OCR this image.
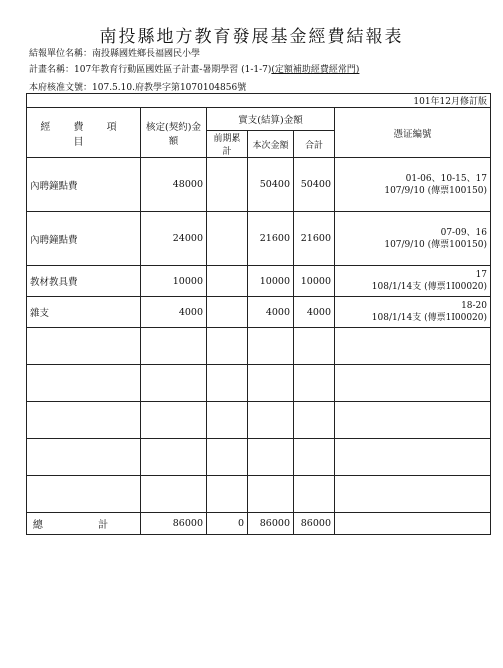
南投縣地方教育發展基金經費結報表
結報單位名稱：南投縣國姓鄉長福國民小學
計畫名稱：107年教育行動區國姓區子計畫-暑期學習 (1-1-7)(定額補助經費經常門)
本府核准文號：107.5.10.府教學字第1070104856號
101年12月修訂版					
經 費 項 目	核定(契約)金額	實支(結算)金額			憑证編號
		前期累計	本次金額	合計	
內聘鐘點費	48000		50400	50400	01-06、10-15、17
107/9/10 (傳票100150)

內聘鐘點費	24000		21600	21600	07-09、16
107/9/10 (傳票100150)

教材教具費	10000		10000	10000	17
108/1/14支 (傳票1I00020)

雜支	4000		4000	4000	18-20
108/1/14支 (傳票1I00020)

總 計	86000	0	86000	86000	
